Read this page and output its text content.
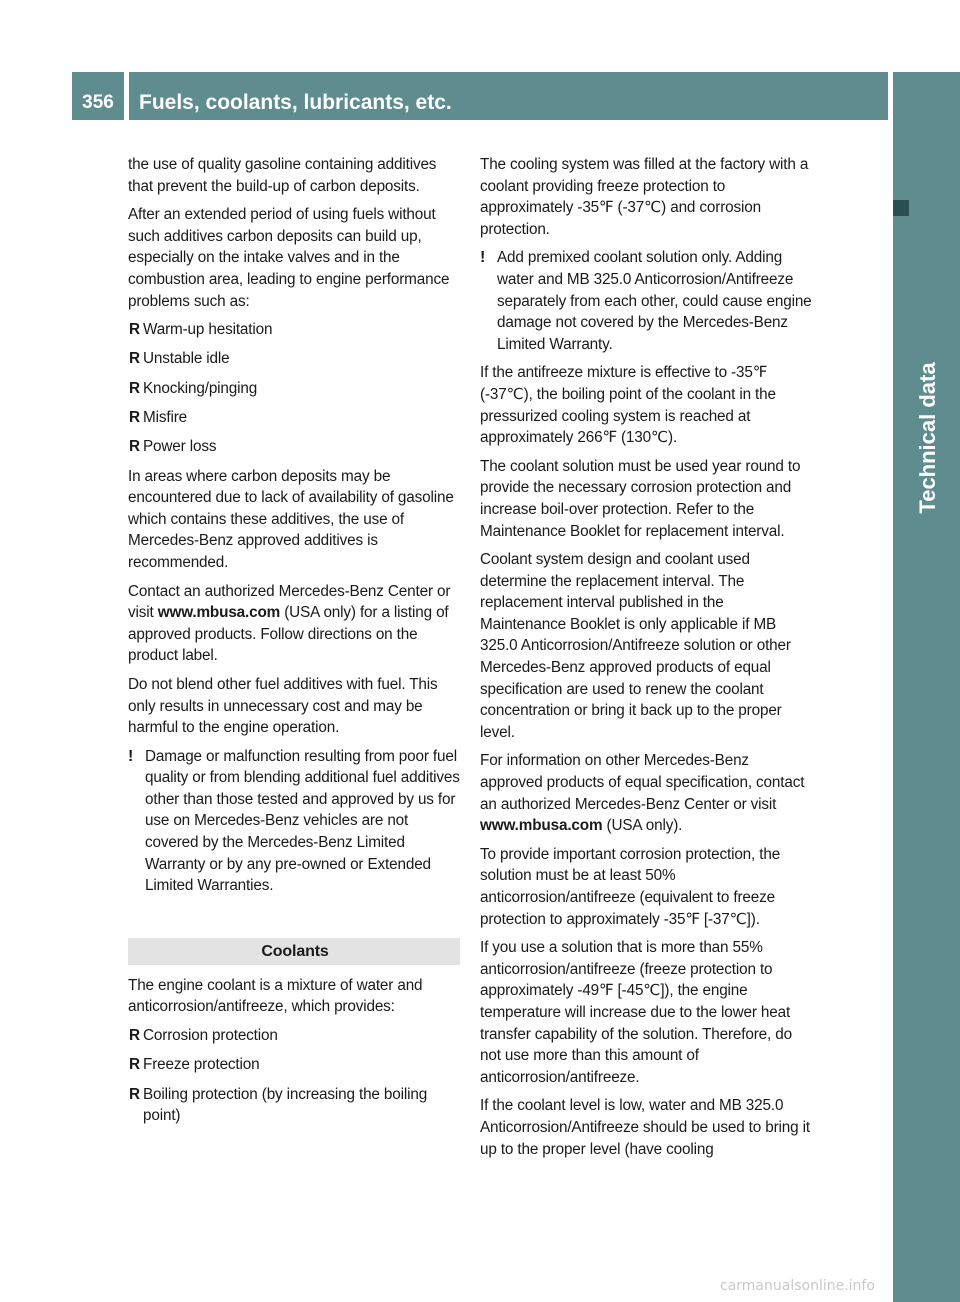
356	Fuels, coolants, lubricants, etc.
Technical data

the use of quality gasoline containing additives that prevent the build-up of carbon deposits.

After an extended period of using fuels without such additives carbon deposits can build up, especially on the intake valves and in the combustion area, leading to engine performance problems such as:

R Warm-up hesitation
R Unstable idle
R Knocking/pinging
R Misfire
R Power loss

In areas where carbon deposits may be encountered due to lack of availability of gasoline which contains these additives, the use of Mercedes-Benz approved additives is recommended.

Contact an authorized Mercedes-Benz Center or visit www.mbusa.com (USA only) for a listing of approved products. Follow directions on the product label.

Do not blend other fuel additives with fuel. This only results in unnecessary cost and may be harmful to the engine operation.

! Damage or malfunction resulting from poor fuel quality or from blending additional fuel additives other than those tested and approved by us for use on Mercedes-Benz vehicles are not covered by the Mercedes-Benz Limited Warranty or by any pre-owned or Extended Limited Warranties.
Coolants

The engine coolant is a mixture of water and anticorrosion/antifreeze, which provides:

R Corrosion protection
R Freeze protection
R Boiling protection (by increasing the boiling point)

The cooling system was filled at the factory with a coolant providing freeze protection to approximately -35℉ (-37℃) and corrosion protection.

! Add premixed coolant solution only. Adding water and MB 325.0 Anticorrosion/Antifreeze separately from each other, could cause engine damage not covered by the Mercedes-Benz Limited Warranty.

If the antifreeze mixture is effective to -35℉ (-37℃), the boiling point of the coolant in the pressurized cooling system is reached at approximately 266℉ (130℃).

The coolant solution must be used year round to provide the necessary corrosion protection and increase boil-over protection. Refer to the Maintenance Booklet for replacement interval.

Coolant system design and coolant used determine the replacement interval. The replacement interval published in the Maintenance Booklet is only applicable if MB 325.0 Anticorrosion/Antifreeze solution or other Mercedes-Benz approved products of equal specification are used to renew the coolant concentration or bring it back up to the proper level.

For information on other Mercedes-Benz approved products of equal specification, contact an authorized Mercedes-Benz Center or visit www.mbusa.com (USA only).

To provide important corrosion protection, the solution must be at least 50% anticorrosion/antifreeze (equivalent to freeze protection to approximately -35℉ [-37℃]).

If you use a solution that is more than 55% anticorrosion/antifreeze (freeze protection to approximately -49℉ [-45℃]), the engine temperature will increase due to the lower heat transfer capability of the solution. Therefore, do not use more than this amount of anticorrosion/antifreeze.

If the coolant level is low, water and MB 325.0 Anticorrosion/Antifreeze should be used to bring it up to the proper level (have cooling

carmanualsonline.info
